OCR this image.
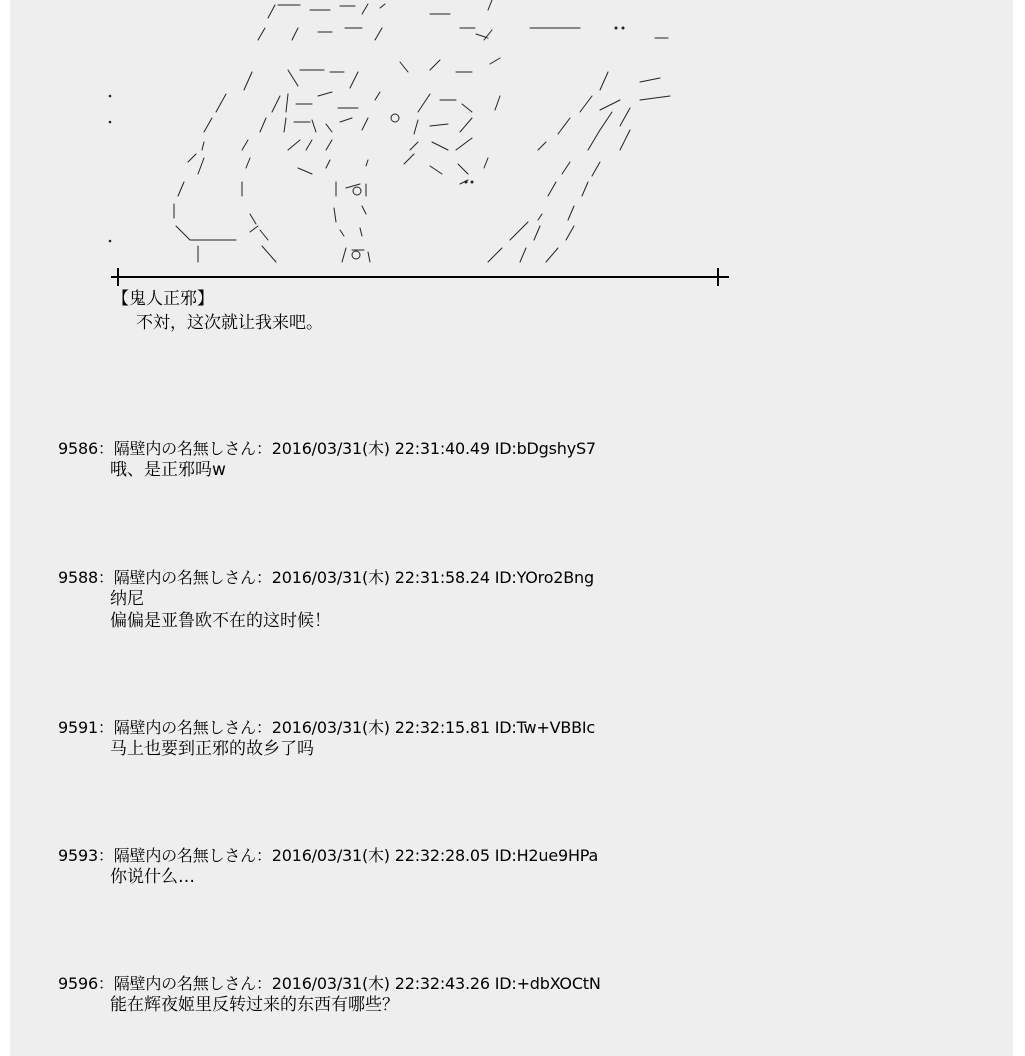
【鬼人正邪】
不対，这次就让我来吧。
9586：隔壁内の名無しさん：2016/03/31(木) 22:31:40.49 ID:bDgshyS7
哦、是正邪吗w
9588：隔壁内の名無しさん：2016/03/31(木) 22:31:58.24 ID:YOro2Bng
纳尼
偏偏是亚鲁欧不在的这时候！
9591：隔壁内の名無しさん：2016/03/31(木) 22:32:15.81 ID:Tw+VBBIc
马上也要到正邪的故乡了吗
9593：隔壁内の名無しさん：2016/03/31(木) 22:32:28.05 ID:H2ue9HPa
你说什么…
9596：隔壁内の名無しさん：2016/03/31(木) 22:32:43.26 ID:+dbXOCtN
能在辉夜姬里反转过来的东西有哪些？
